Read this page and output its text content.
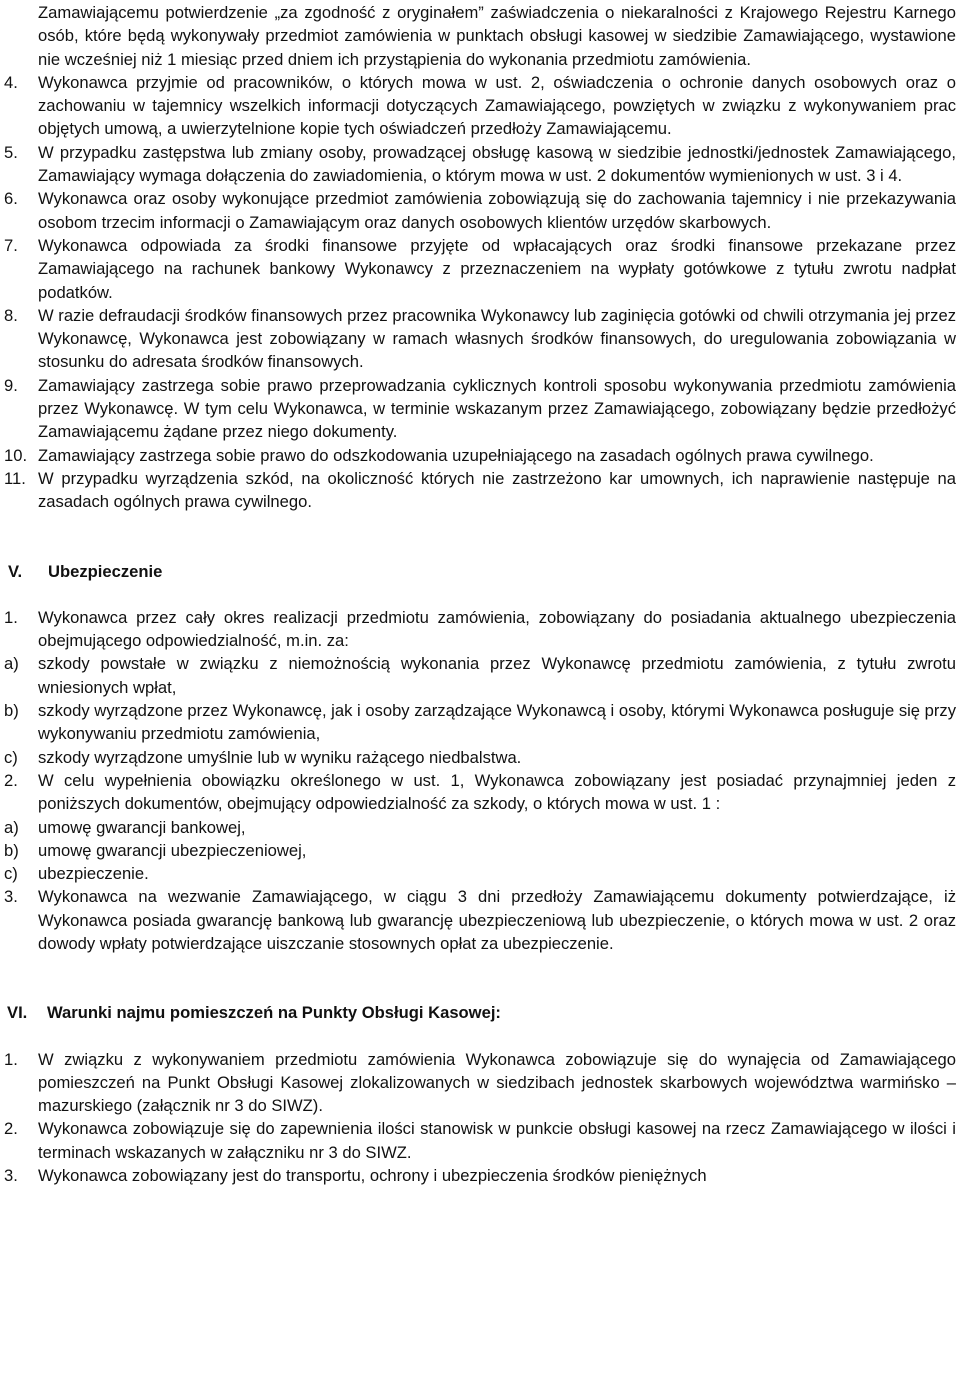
Zamawiającemu potwierdzenie „za zgodność z oryginałem” zaświadczenia o niekaralności z Krajowego Rejestru Karnego osób, które będą wykonywały przedmiot zamówienia w punktach obsługi kasowej w siedzibie Zamawiającego, wystawione nie wcześniej niż 1 miesiąc przed dniem ich przystąpienia do wykonania przedmiotu zamówienia.

4.	Wykonawca przyjmie od pracowników, o których mowa w ust. 2, oświadczenia o ochronie danych osobowych oraz o zachowaniu w tajemnicy wszelkich informacji dotyczących Zamawiającego, powziętych w związku z wykonywaniem prac objętych umową, a uwierzytelnione kopie tych oświadczeń przedłoży Zamawiającemu.
5.	W przypadku zastępstwa lub zmiany osoby, prowadzącej obsługę kasową w siedzibie jednostki/jednostek Zamawiającego, Zamawiający wymaga dołączenia do zawiadomienia, o którym mowa w ust. 2 dokumentów wymienionych w ust. 3 i 4.
6.	Wykonawca oraz osoby wykonujące przedmiot zamówienia zobowiązują się do zachowania tajemnicy i nie przekazywania osobom trzecim informacji o Zamawiającym oraz danych osobowych klientów urzędów skarbowych.
7.	Wykonawca odpowiada za środki finansowe przyjęte od wpłacających oraz środki finansowe przekazane przez Zamawiającego na rachunek bankowy Wykonawcy z przeznaczeniem na wypłaty gotówkowe z tytułu zwrotu nadpłat podatków.
8.	W razie defraudacji środków finansowych przez pracownika Wykonawcy lub zaginięcia gotówki od chwili otrzymania jej przez Wykonawcę, Wykonawca jest zobowiązany w ramach własnych środków finansowych, do uregulowania zobowiązania w stosunku do adresata środków finansowych.
9.	Zamawiający zastrzega sobie prawo przeprowadzania cyklicznych kontroli sposobu wykonywania przedmiotu zamówienia przez Wykonawcę. W tym celu Wykonawca, w terminie wskazanym przez Zamawiającego, zobowiązany będzie przedłożyć Zamawiającemu żądane przez niego dokumenty.
10. Zamawiający zastrzega sobie prawo do odszkodowania uzupełniającego na zasadach ogólnych prawa cywilnego.
11. W przypadku wyrządzenia szkód, na okoliczność których nie zastrzeżono kar umownych, ich naprawienie następuje na zasadach ogólnych prawa cywilnego.
V.	Ubezpieczenie
1.	Wykonawca przez cały okres realizacji przedmiotu zamówienia, zobowiązany do posiadania aktualnego ubezpieczenia obejmującego odpowiedzialność, m.in. za:
a)	szkody powstałe w związku z niemożnością wykonania przez Wykonawcę przedmiotu zamówienia, z tytułu zwrotu wniesionych wpłat,
b)	szkody wyrządzone przez Wykonawcę, jak i osoby zarządzające Wykonawcą i osoby, którymi Wykonawca posługuje się przy wykonywaniu przedmiotu zamówienia,
c)	szkody wyrządzone umyślnie lub w wyniku rażącego niedbalstwa.
2.	W celu wypełnienia obowiązku określonego w ust. 1, Wykonawca zobowiązany jest posiadać przynajmniej jeden z poniższych dokumentów, obejmujący odpowiedzialność za szkody, o których mowa w ust. 1 :
a)	umowę gwarancji bankowej,
b)	umowę gwarancji ubezpieczeniowej,
c)	ubezpieczenie.
3.	Wykonawca na wezwanie Zamawiającego, w ciągu 3 dni przedłoży Zamawiającemu dokumenty potwierdzające, iż Wykonawca posiada gwarancję bankową lub gwarancję ubezpieczeniową lub ubezpieczenie, o których mowa w ust. 2 oraz dowody wpłaty potwierdzające uiszczanie stosownych opłat za ubezpieczenie.
VI.	Warunki najmu pomieszczeń na Punkty Obsługi Kasowej:
1.	W związku z wykonywaniem przedmiotu zamówienia Wykonawca zobowiązuje się do wynajęcia od Zamawiającego pomieszczeń na Punkt Obsługi Kasowej zlokalizowanych w siedzibach jednostek skarbowych województwa warmińsko – mazurskiego (załącznik nr 3 do SIWZ).
2.	Wykonawca zobowiązuje się do zapewnienia ilości stanowisk w punkcie obsługi kasowej na rzecz Zamawiającego w ilości i terminach wskazanych w załączniku nr 3 do SIWZ.
3.	Wykonawca zobowiązany jest do transportu, ochrony i ubezpieczenia środków pieniężnych
